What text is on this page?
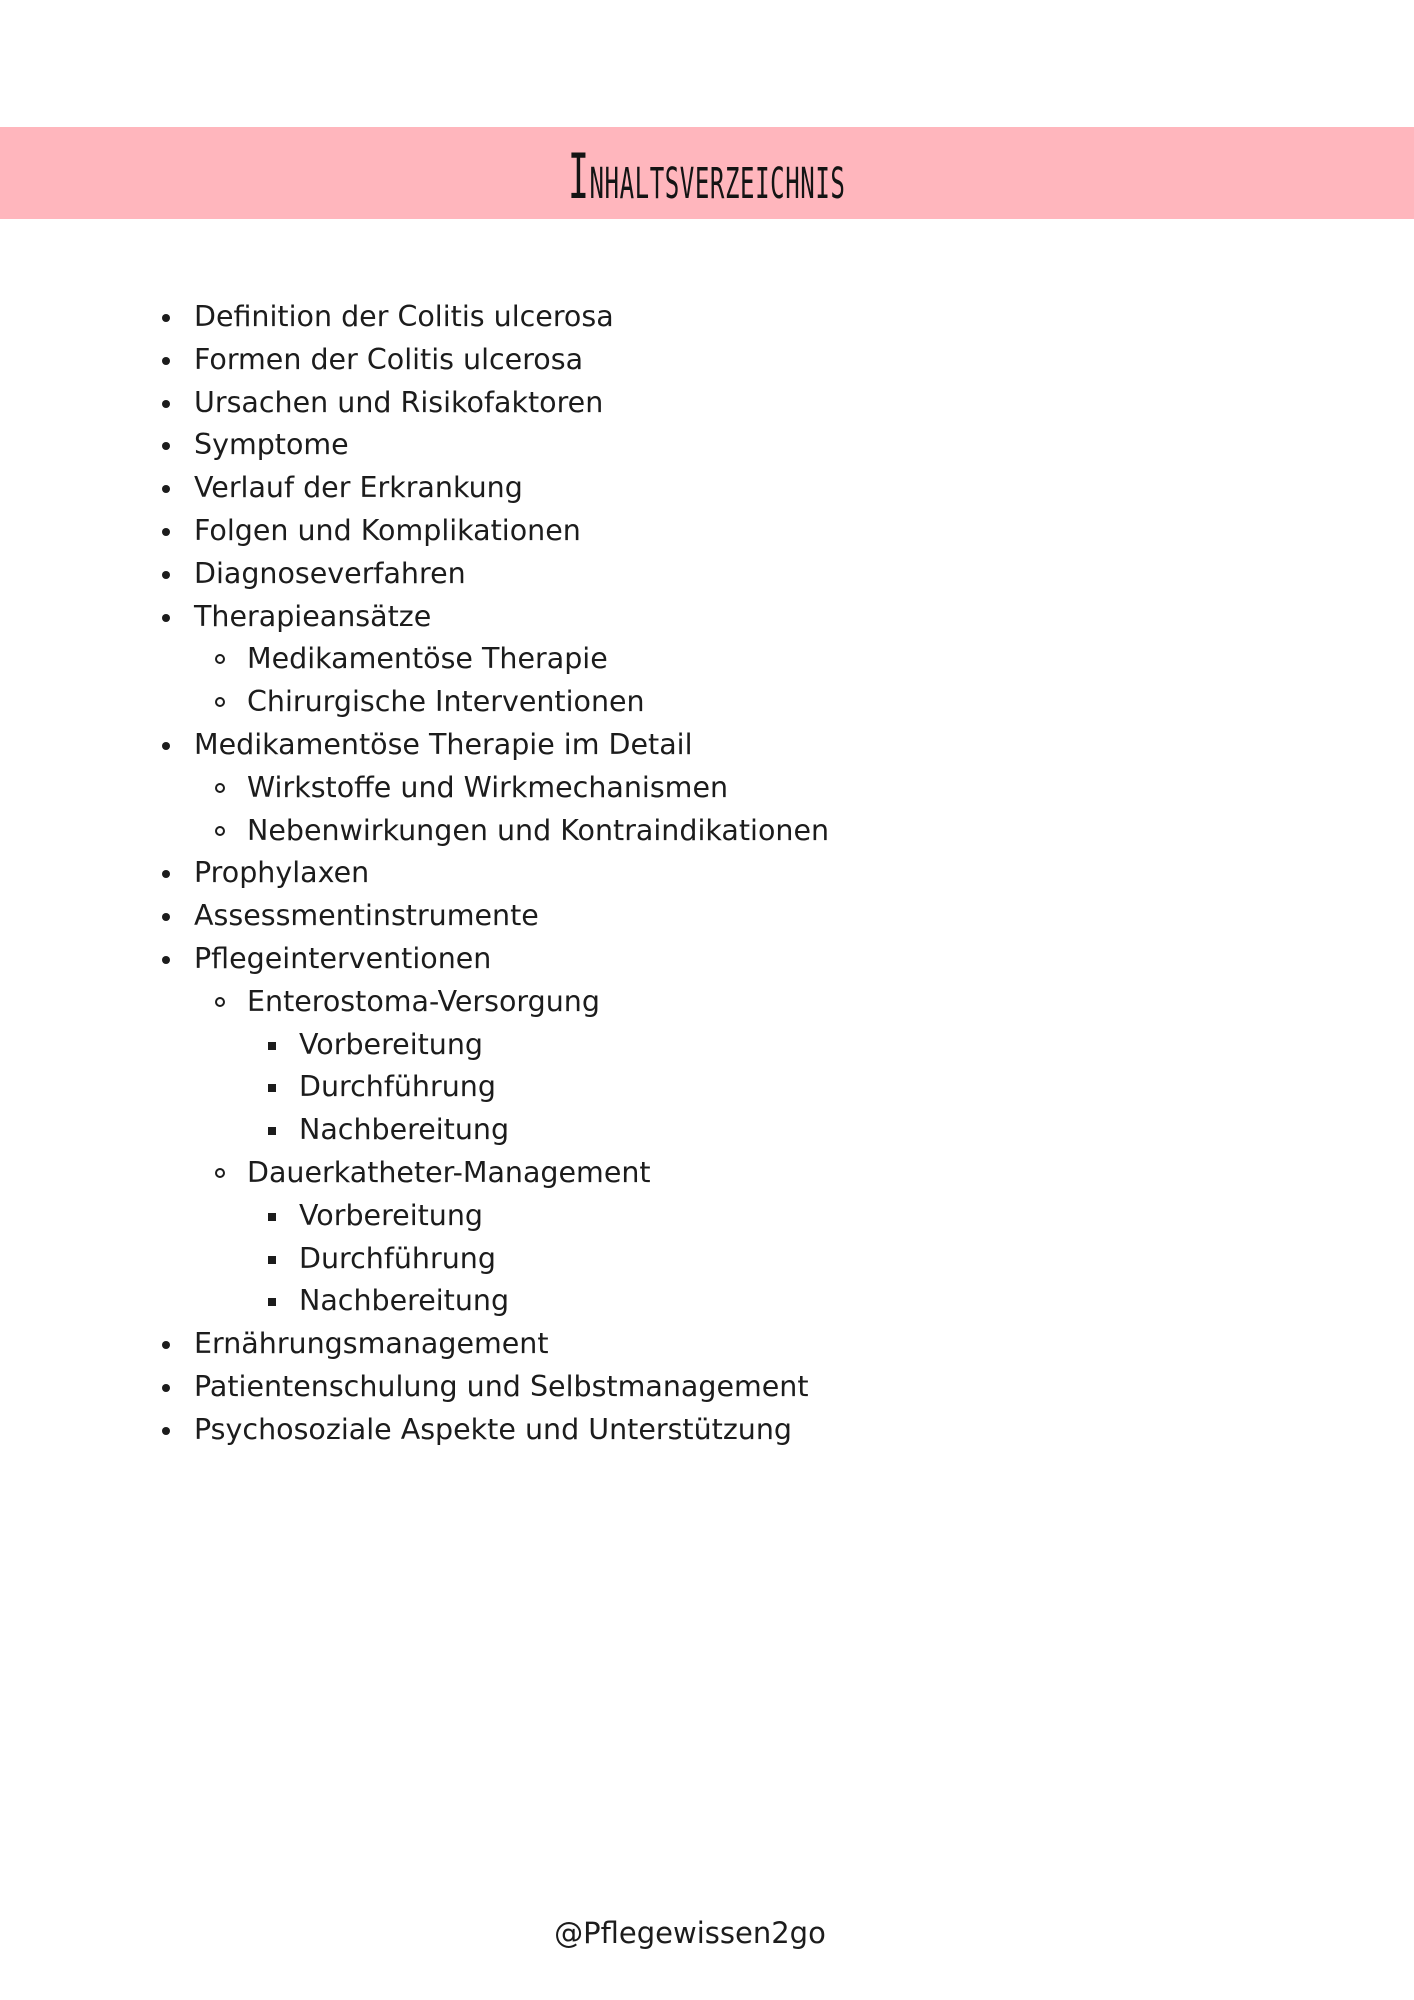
Inhaltsverzeichnis
Definition der Colitis ulcerosa
Formen der Colitis ulcerosa
Ursachen und Risikofaktoren
Symptome
Verlauf der Erkrankung
Folgen und Komplikationen
Diagnoseverfahren
Therapieansätze
Medikamentöse Therapie
Chirurgische Interventionen
Medikamentöse Therapie im Detail
Wirkstoffe und Wirkmechanismen
Nebenwirkungen und Kontraindikationen
Prophylaxen
Assessmentinstrumente
Pflegeinterventionen
Enterostoma-Versorgung
Vorbereitung
Durchführung
Nachbereitung
Dauerkatheter-Management
Vorbereitung
Durchführung
Nachbereitung
Ernährungsmanagement
Patientenschulung und Selbstmanagement
Psychosoziale Aspekte und Unterstützung
@Pflegewissen2go
